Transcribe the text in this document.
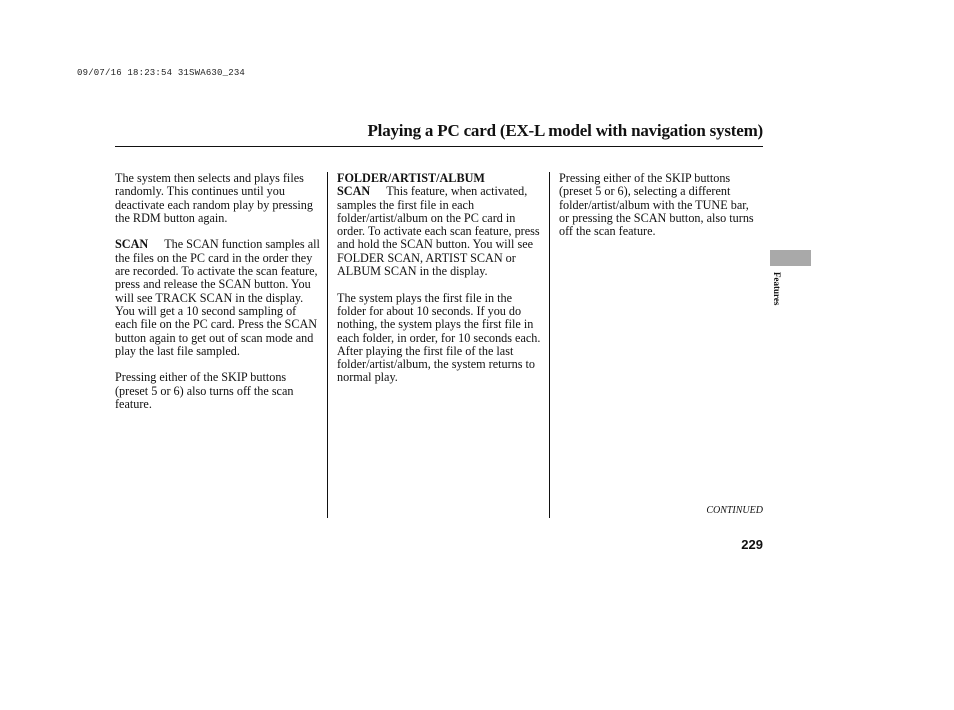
09/07/16 18:23:54 31SWA630_234
Playing a PC card (EX-L model with navigation system)

The system then selects and plays files randomly. This continues until you deactivate each random play by pressing the RDM button again.

SCAN The SCAN function samples all the files on the PC card in the order they are recorded. To activate the scan feature, press and release the SCAN button. You will see TRACK SCAN in the display. You will get a 10 second sampling of each file on the PC card. Press the SCAN button again to get out of scan mode and play the last file sampled.

Pressing either of the SKIP buttons (preset 5 or 6) also turns off the scan feature.

FOLDER/ARTIST/ALBUM SCAN This feature, when activated, samples the first file in each folder/artist/album on the PC card in order. To activate each scan feature, press and hold the SCAN button. You will see FOLDER SCAN, ARTIST SCAN or ALBUM SCAN in the display.

The system plays the first file in the folder for about 10 seconds. If you do nothing, the system plays the first file in each folder, in order, for 10 seconds each. After playing the first file of the last folder/artist/album, the system returns to normal play.

Pressing either of the SKIP buttons (preset 5 or 6), selecting a different folder/artist/album with the TUNE bar, or pressing the SCAN button, also turns off the scan feature.

Features
CONTINUED
229
